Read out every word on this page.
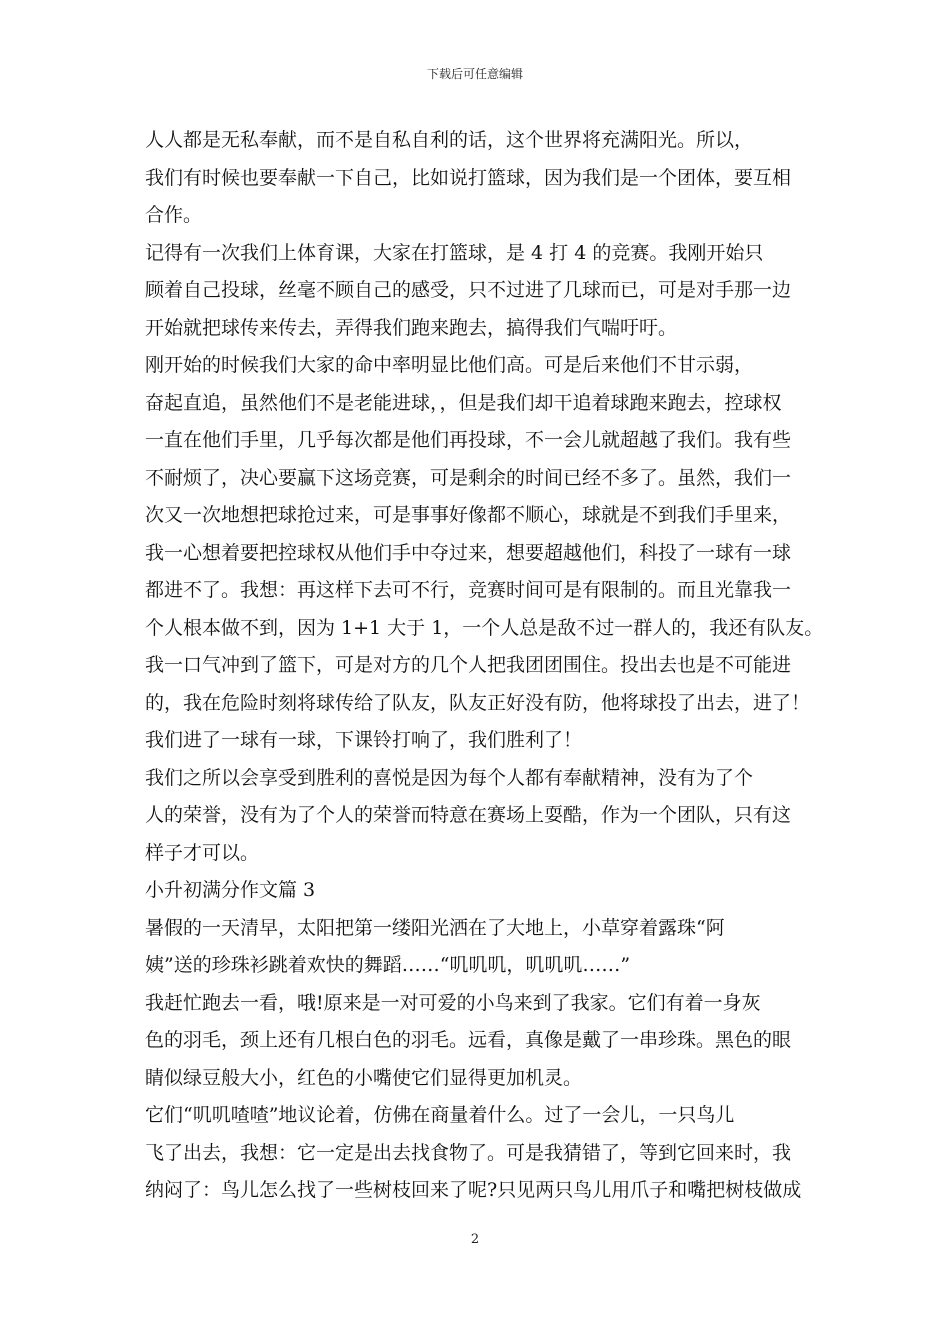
下载后可任意编辑
人人都是无私奉献，而不是自私自利的话，这个世界将充满阳光。所以，
我们有时候也要奉献一下自己，比如说打篮球，因为我们是一个团体，要互相
合作。
记得有一次我们上体育课，大家在打篮球，是 4 打 4 的竞赛。我刚开始只
顾着自己投球，丝毫不顾自己的感受，只不过进了几球而已，可是对手那一边
开始就把球传来传去，弄得我们跑来跑去，搞得我们气喘吁吁。
刚开始的时候我们大家的命中率明显比他们高。可是后来他们不甘示弱，
奋起直追，虽然他们不是老能进球，，但是我们却干追着球跑来跑去，控球权
一直在他们手里，几乎每次都是他们再投球，不一会儿就超越了我们。我有些
不耐烦了，决心要赢下这场竞赛，可是剩余的时间已经不多了。虽然，我们一
次又一次地想把球抢过来，可是事事好像都不顺心，球就是不到我们手里来，
我一心想着要把控球权从他们手中夺过来，想要超越他们，科投了一球有一球
都进不了。我想：再这样下去可不行，竞赛时间可是有限制的。而且光靠我一
个人根本做不到，因为 1+1 大于 1，一个人总是敌不过一群人的，我还有队友。
我一口气冲到了篮下，可是对方的几个人把我团团围住。投出去也是不可能进
的，我在危险时刻将球传给了队友，队友正好没有防，他将球投了出去，进了！
我们进了一球有一球，下课铃打响了，我们胜利了！
我们之所以会享受到胜利的喜悦是因为每个人都有奉献精神，没有为了个
人的荣誉，没有为了个人的荣誉而特意在赛场上耍酷，作为一个团队，只有这
样子才可以。
小升初满分作文篇 3
暑假的一天清早，太阳把第一缕阳光洒在了大地上，小草穿着露珠“阿
姨”送的珍珠衫跳着欢快的舞蹈……“叽叽叽，叽叽叽……”
我赶忙跑去一看，哦!原来是一对可爱的小鸟来到了我家。它们有着一身灰
色的羽毛，颈上还有几根白色的羽毛。远看，真像是戴了一串珍珠。黑色的眼
睛似绿豆般大小，红色的小嘴使它们显得更加机灵。
它们“叽叽喳喳”地议论着，仿佛在商量着什么。过了一会儿，一只鸟儿
飞了出去，我想：它一定是出去找食物了。可是我猜错了，等到它回来时，我
纳闷了：鸟儿怎么找了一些树枝回来了呢?只见两只鸟儿用爪子和嘴把树枝做成
2
